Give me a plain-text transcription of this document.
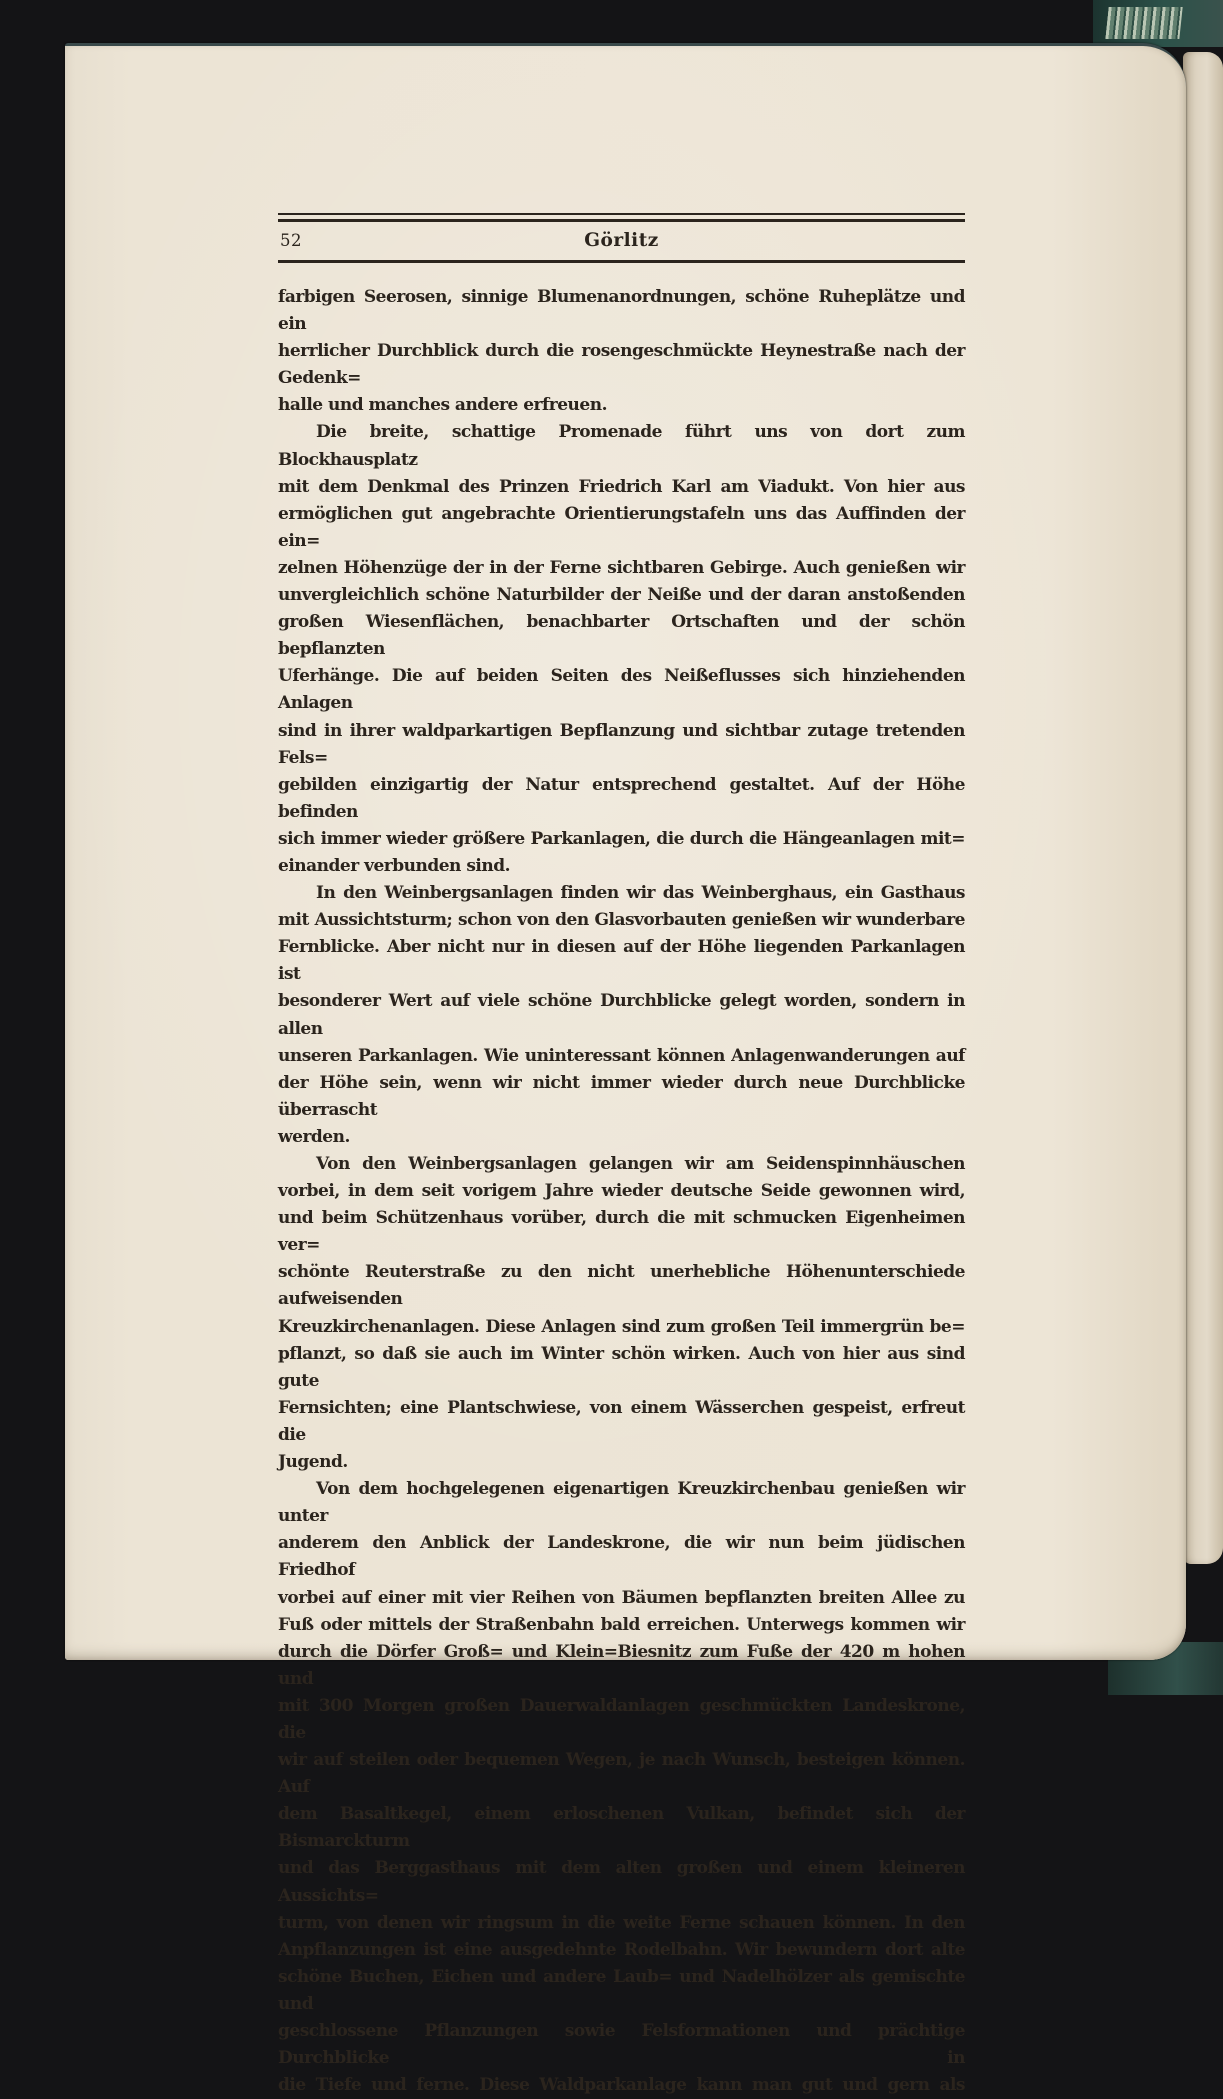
52	Görlitz
farbigen Seerosen, sinnige Blumenanordnungen, schöne Ruheplätze und ein
herrlicher Durchblick durch die rosengeschmückte Heynestraße nach der Gedenk=
halle und manches andere erfreuen.
Die breite, schattige Promenade führt uns von dort zum Blockhausplatz
mit dem Denkmal des Prinzen Friedrich Karl am Viadukt. Von hier aus
ermöglichen gut angebrachte Orientierungstafeln uns das Auffinden der ein=
zelnen Höhenzüge der in der Ferne sichtbaren Gebirge. Auch genießen wir
unvergleichlich schöne Naturbilder der Neiße und der daran anstoßenden
großen Wiesenflächen, benachbarter Ortschaften und der schön bepflanzten
Uferhänge. Die auf beiden Seiten des Neißeflusses sich hinziehenden Anlagen
sind in ihrer waldparkartigen Bepflanzung und sichtbar zutage tretenden Fels=
gebilden einzigartig der Natur entsprechend gestaltet. Auf der Höhe befinden
sich immer wieder größere Parkanlagen, die durch die Hängeanlagen mit=
einander verbunden sind.
In den Weinbergsanlagen finden wir das Weinberghaus, ein Gasthaus
mit Aussichtsturm; schon von den Glasvorbauten genießen wir wunderbare
Fernblicke. Aber nicht nur in diesen auf der Höhe liegenden Parkanlagen ist
besonderer Wert auf viele schöne Durchblicke gelegt worden, sondern in allen
unseren Parkanlagen. Wie uninteressant können Anlagenwanderungen auf
der Höhe sein, wenn wir nicht immer wieder durch neue Durchblicke überrascht
werden.
Von den Weinbergsanlagen gelangen wir am Seidenspinnhäuschen
vorbei, in dem seit vorigem Jahre wieder deutsche Seide gewonnen wird,
und beim Schützenhaus vorüber, durch die mit schmucken Eigenheimen ver=
schönte Reuterstraße zu den nicht unerhebliche Höhenunterschiede aufweisenden
Kreuzkirchenanlagen. Diese Anlagen sind zum großen Teil immergrün be=
pflanzt, so daß sie auch im Winter schön wirken. Auch von hier aus sind gute
Fernsichten; eine Plantschwiese, von einem Wässerchen gespeist, erfreut die
Jugend.
Von dem hochgelegenen eigenartigen Kreuzkirchenbau genießen wir unter
anderem den Anblick der Landeskrone, die wir nun beim jüdischen Friedhof
vorbei auf einer mit vier Reihen von Bäumen bepflanzten breiten Allee zu
Fuß oder mittels der Straßenbahn bald erreichen. Unterwegs kommen wir
durch die Dörfer Groß= und Klein=Biesnitz zum Fuße der 420 m hohen und
mit 300 Morgen großen Dauerwaldanlagen geschmückten Landeskrone, die
wir auf steilen oder bequemen Wegen, je nach Wunsch, besteigen können. Auf
dem Basaltkegel, einem erloschenen Vulkan, befindet sich der Bismarckturm
und das Berggasthaus mit dem alten großen und einem kleineren Aussichts=
turm, von denen wir ringsum in die weite Ferne schauen können. In den
Anpflanzungen ist eine ausgedehnte Rodelbahn. Wir bewundern dort alte
schöne Buchen, Eichen und andere Laub= und Nadelhölzer als gemischte und
geschlossene Pflanzungen sowie Felsformationen und prächtige Durchblicke in
die Tiefe und ferne. Diese Waldparkanlage kann man gut und gern als
